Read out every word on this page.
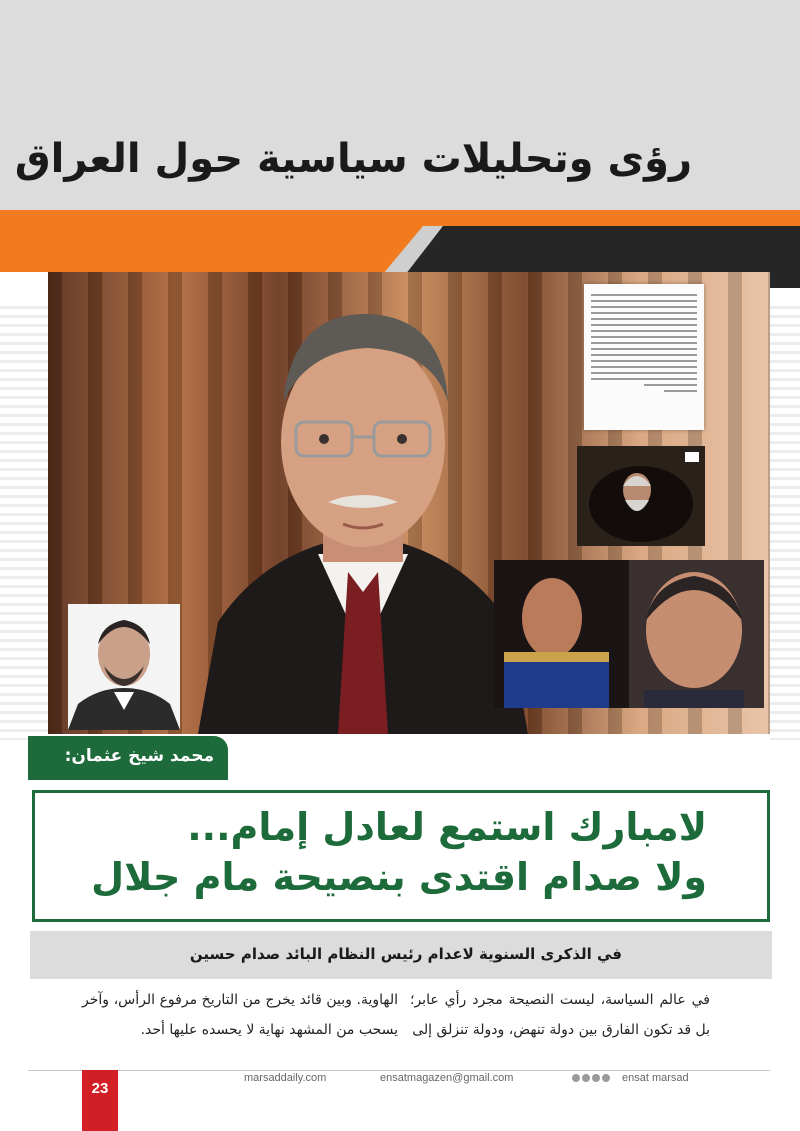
رؤى وتحليلات سياسية حول العراق
محمد شيخ عثمان:
لامبارك استمع لعادل إمام...
ولا صدام اقتدى بنصيحة مام جلال
في الذكرى السنوية لاعدام رئيس النظام البائد صدام حسين
في عالم السياسة، ليست النصيحة مجرد رأي عابر؛ بل قد تكون الفارق بين دولة تنهض، ودولة تنزلق إلى
الهاوية. وبين قائد يخرج من التاريخ مرفوع الرأس، وآخر يسحب من المشهد نهاية لا يحسده عليها أحد.
23
marsaddaily.com	ensatmagazen@gmail.com	ensat marsad
